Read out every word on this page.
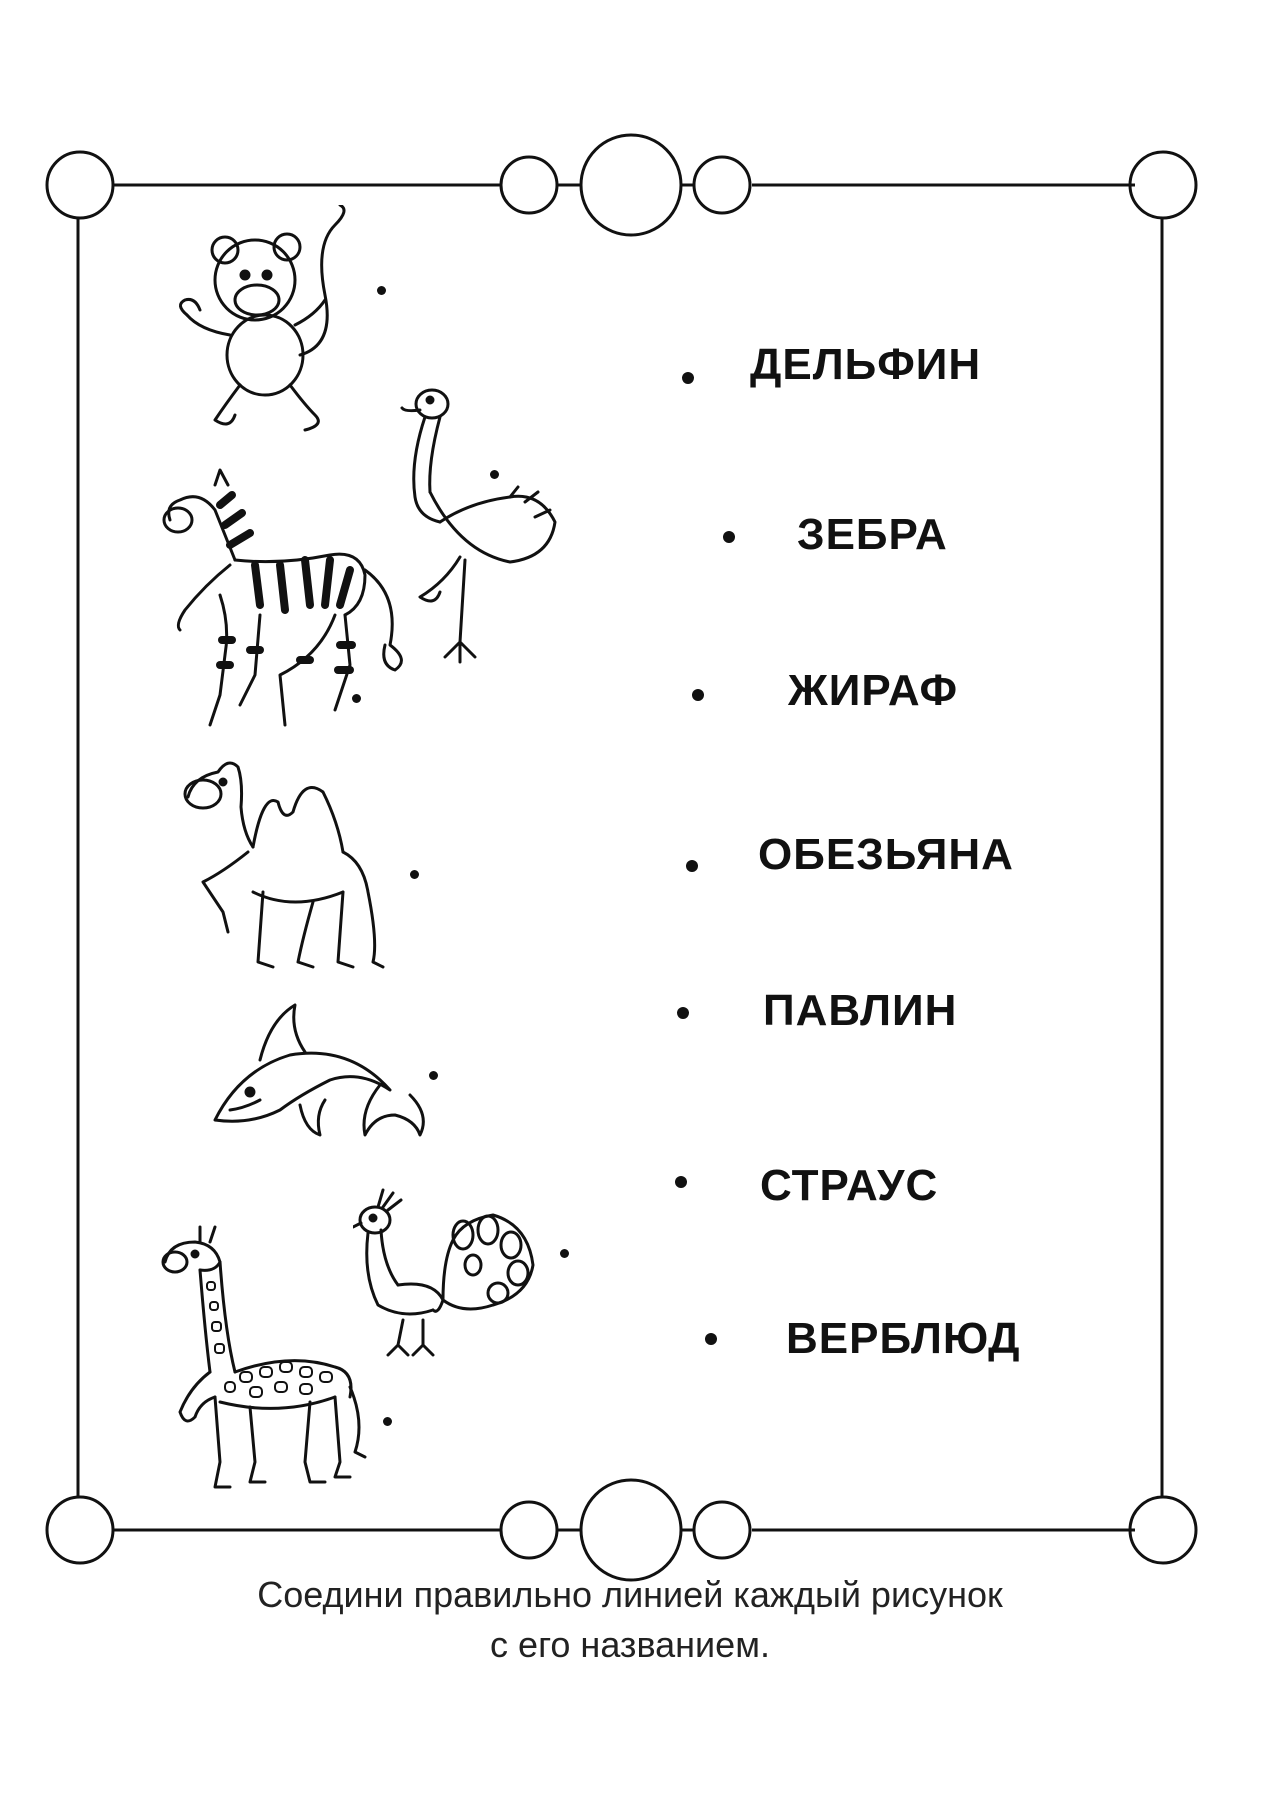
ДЕЛЬФИН
ЗЕБРА
ЖИРАФ
ОБЕЗЬЯНА
ПАВЛИН
СТРАУС
ВЕРБЛЮД
Соедини правильно линией каждый рисунок
с его названием.
